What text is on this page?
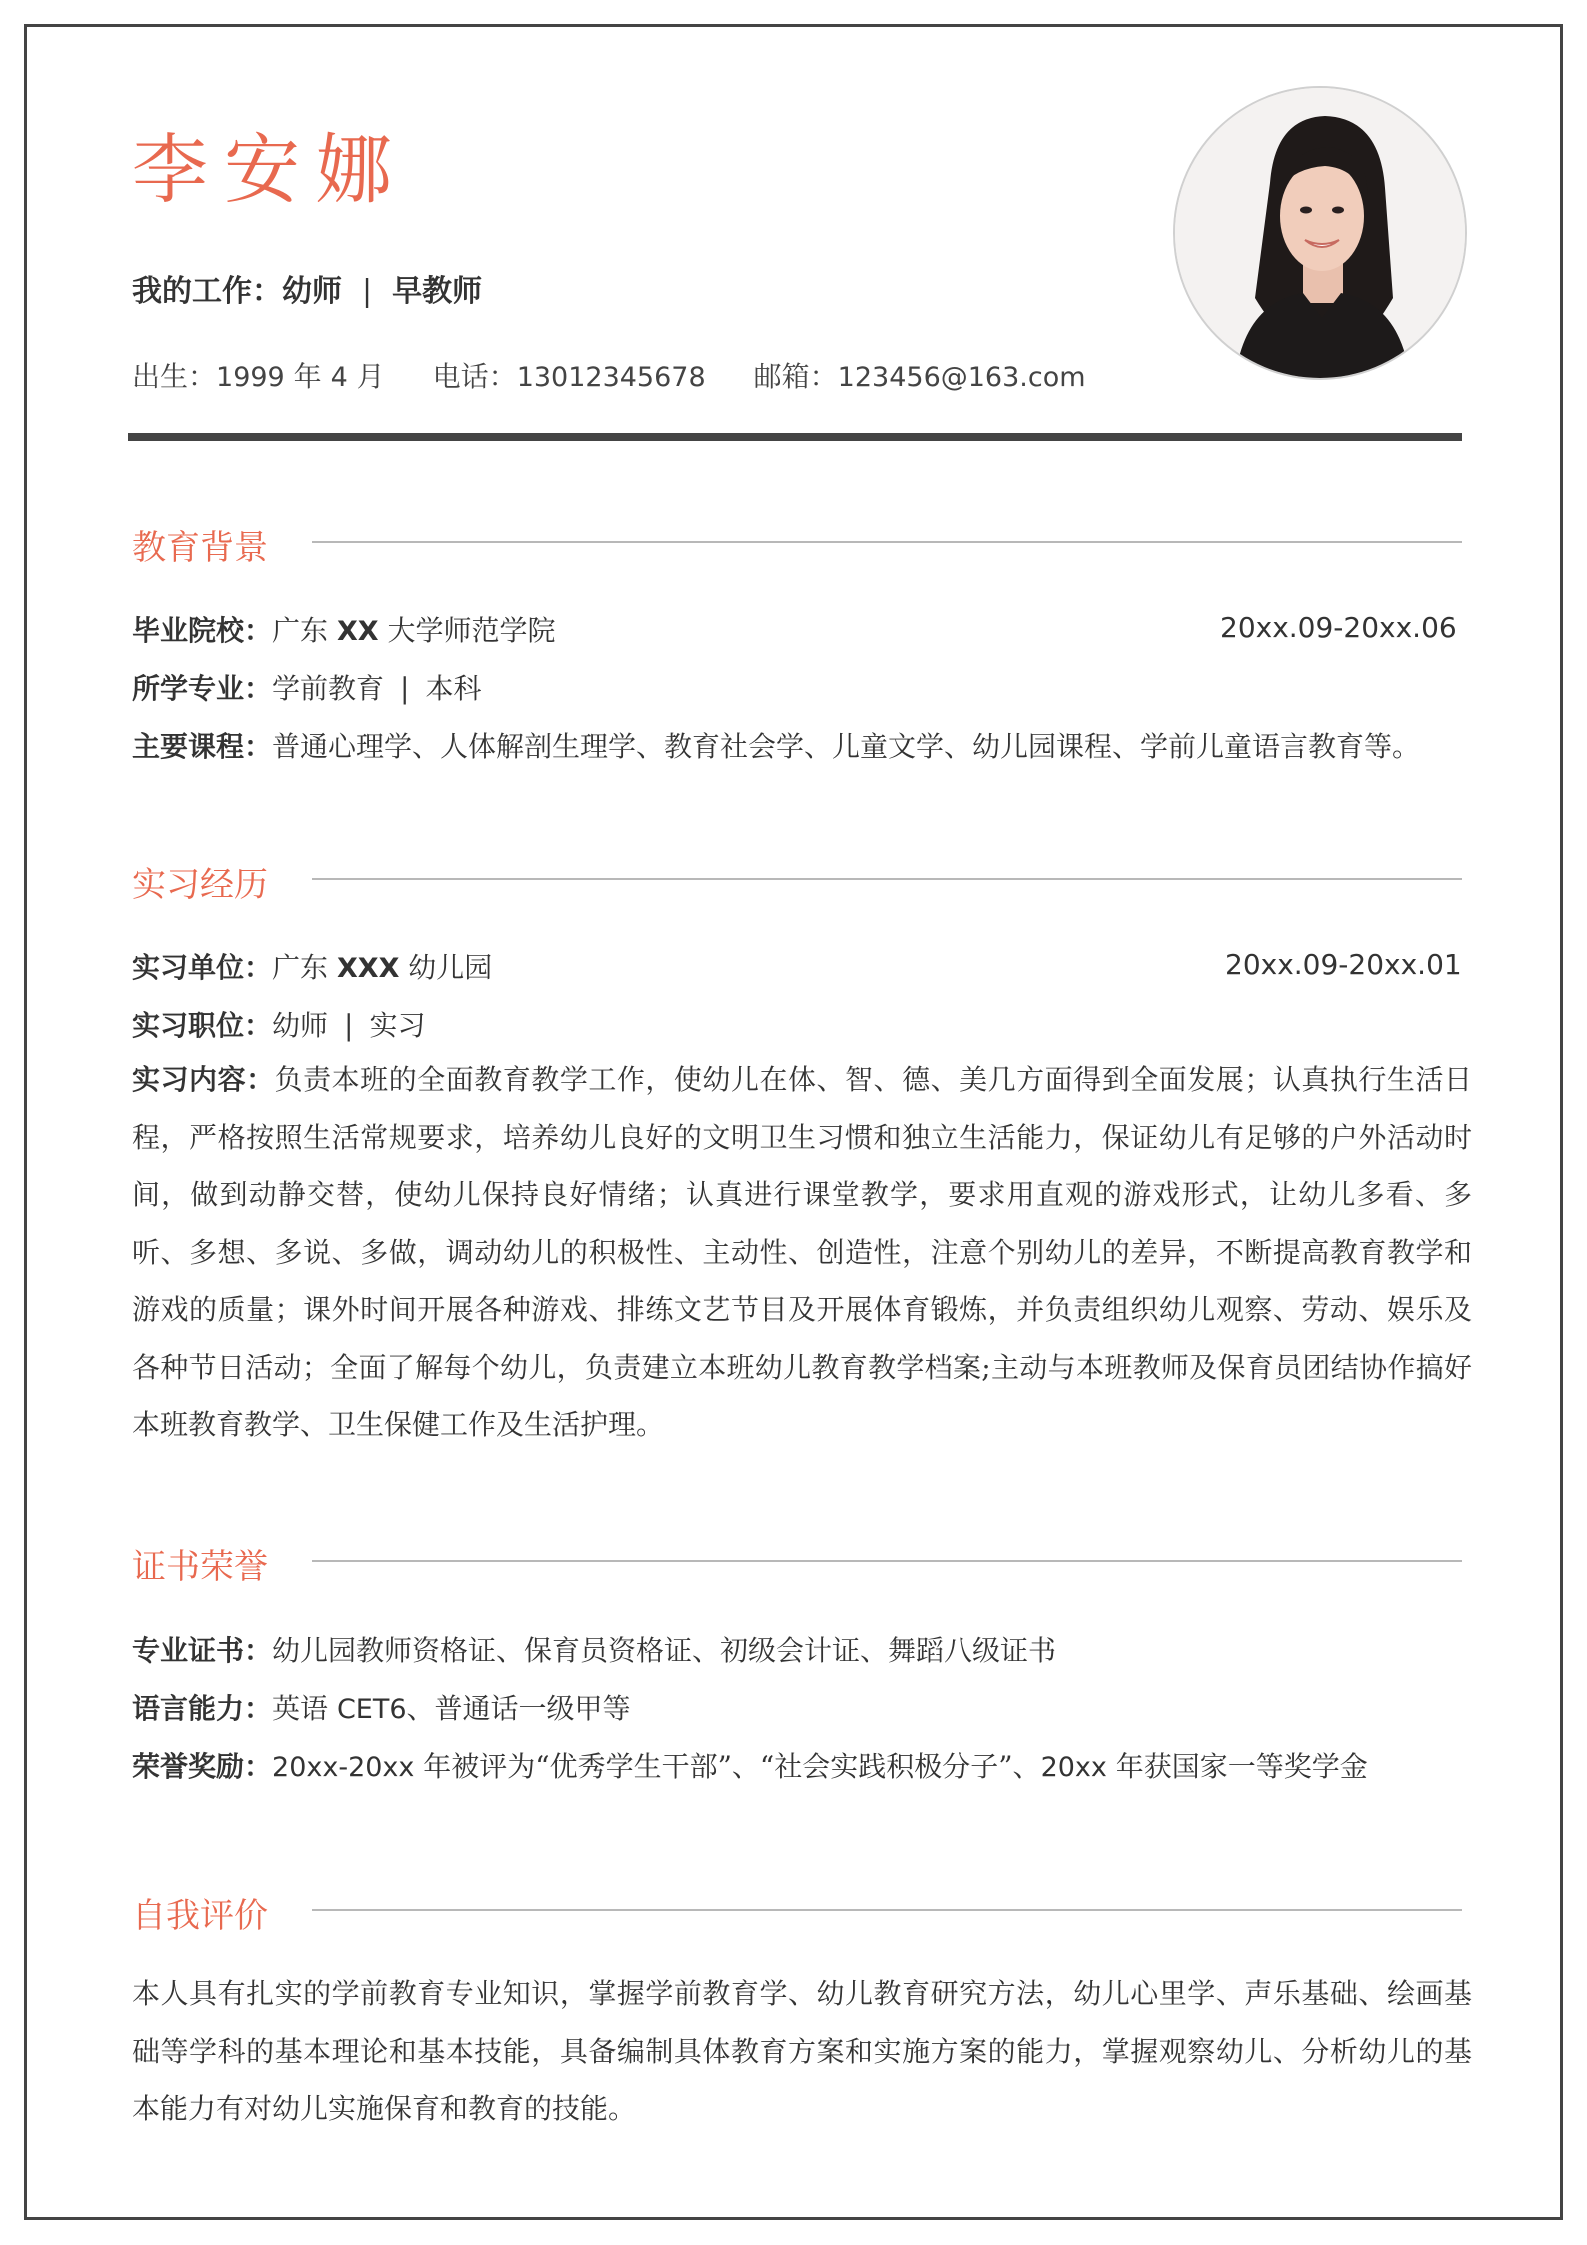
李安娜
我的工作：幼师 | 早教师
出生：1999 年 4 月 电话：13012345678 邮箱：123456@163.com
教育背景
毕业院校：广东 XX 大学师范学院	20xx.09-20xx.06
所学专业：学前教育 | 本科
主要课程：普通心理学、人体解剖生理学、教育社会学、儿童文学、幼儿园课程、学前儿童语言教育等。
实习经历
实习单位：广东 XXX 幼儿园	20xx.09-20xx.01
实习职位：幼师 | 实习

实习内容：负责本班的全面教育教学工作，使幼儿在体、智、德、美几方面得到全面发展；认真执行生活日程，严格按照生活常规要求，培养幼儿良好的文明卫生习惯和独立生活能力，保证幼儿有足够的户外活动时间，做到动静交替，使幼儿保持良好情绪；认真进行课堂教学，要求用直观的游戏形式，让幼儿多看、多听、多想、多说、多做，调动幼儿的积极性、主动性、创造性，注意个别幼儿的差异，不断提高教育教学和游戏的质量；课外时间开展各种游戏、排练文艺节目及开展体育锻炼，并负责组织幼儿观察、劳动、娱乐及各种节日活动；全面了解每个幼儿，负责建立本班幼儿教育教学档案;主动与本班教师及保育员团结协作搞好本班教育教学、卫生保健工作及生活护理。

证书荣誉
专业证书：幼儿园教师资格证、保育员资格证、初级会计证、舞蹈八级证书
语言能力：英语 CET6、普通话一级甲等
荣誉奖励：20xx-20xx 年被评为“优秀学生干部”、“社会实践积极分子”、20xx 年获国家一等奖学金
自我评价

本人具有扎实的学前教育专业知识，掌握学前教育学、幼儿教育研究方法，幼儿心里学、声乐基础、绘画基础等学科的基本理论和基本技能，具备编制具体教育方案和实施方案的能力，掌握观察幼儿、分析幼儿的基本能力有对幼儿实施保育和教育的技能。
